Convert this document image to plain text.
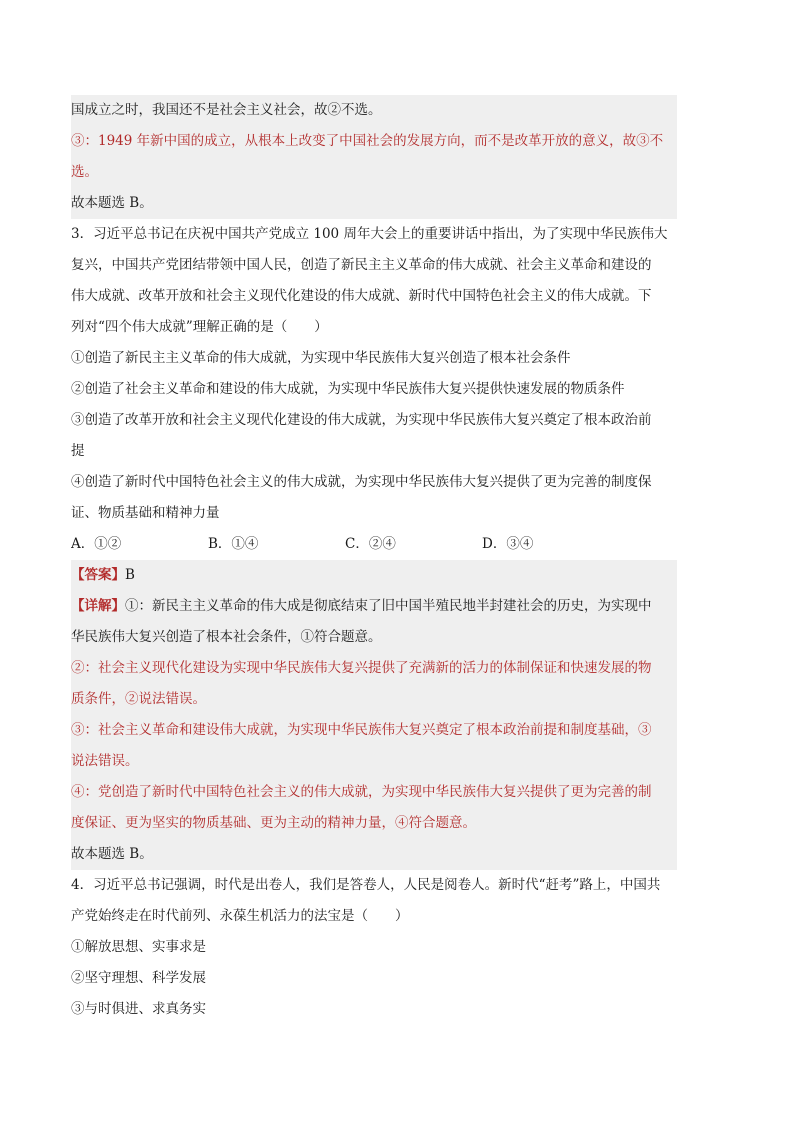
国成立之时，我国还不是社会主义社会，故②不选。
③：1949 年新中国的成立，从根本上改变了中国社会的发展方向，而不是改革开放的意义，故③不
选。
故本题选 B。
3．习近平总书记在庆祝中国共产党成立 100 周年大会上的重要讲话中指出，为了实现中华民族伟大
复兴，中国共产党团结带领中国人民，创造了新民主主义革命的伟大成就、社会主义革命和建设的
伟大成就、改革开放和社会主义现代化建设的伟大成就、新时代中国特色社会主义的伟大成就。下
列对“四个伟大成就”理解正确的是（　　）
①创造了新民主主义革命的伟大成就，为实现中华民族伟大复兴创造了根本社会条件
②创造了社会主义革命和建设的伟大成就，为实现中华民族伟大复兴提供快速发展的物质条件
③创造了改革开放和社会主义现代化建设的伟大成就，为实现中华民族伟大复兴奠定了根本政治前
提
④创造了新时代中国特色社会主义的伟大成就，为实现中华民族伟大复兴提供了更为完善的制度保
证、物质基础和精神力量
A．①②	B．①④	C．②④	D．③④
【答案】B
【详解】①：新民主主义革命的伟大成是彻底结束了旧中国半殖民地半封建社会的历史，为实现中
华民族伟大复兴创造了根本社会条件，①符合题意。
②：社会主义现代化建设为实现中华民族伟大复兴提供了充满新的活力的体制保证和快速发展的物
质条件，②说法错误。
③：社会主义革命和建设伟大成就，为实现中华民族伟大复兴奠定了根本政治前提和制度基础，③
说法错误。
④：党创造了新时代中国特色社会主义的伟大成就，为实现中华民族伟大复兴提供了更为完善的制
度保证、更为坚实的物质基础、更为主动的精神力量，④符合题意。
故本题选 B。
4．习近平总书记强调，时代是出卷人，我们是答卷人，人民是阅卷人。新时代“赶考”路上，中国共
产党始终走在时代前列、永葆生机活力的法宝是（　　）
①解放思想、实事求是
②坚守理想、科学发展
③与时俱进、求真务实
